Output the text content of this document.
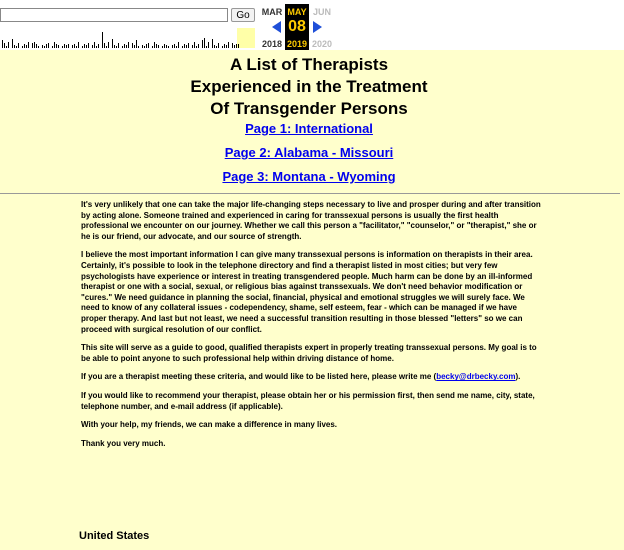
Go	MAR	JUN
2018	2020
MAY
08
2019
A List of Therapists
Experienced in the Treatment
Of Transgender Persons
Page 1: International
Page 2: Alabama - Missouri
Page 3: Montana - Wyoming

It's very unlikely that one can take the major life-changing steps necessary to live and prosper during and after transition by acting alone. Someone trained and experienced in caring for transsexual persons is usually the first health professional we encounter on our journey. Whether we call this person a "facilitator," "counselor," or "therapist," she or he is our friend, our advocate, and our source of strength.

I believe the most important information I can give many transsexual persons is information on therapists in their area. Certainly, it's possible to look in the telephone directory and find a therapist listed in most cities; but very few psychologists have experience or interest in treating transgendered people. Much harm can be done by an ill-informed therapist or one with a social, sexual, or religious bias against transsexuals. We don't need behavior modification or "cures." We need guidance in planning the social, financial, physical and emotional struggles we will surely face. We need to know of any collateral issues - codependency, shame, self esteem, fear - which can be managed if we have proper therapy. And last but not least, we need a successful transition resulting in those blessed "letters" so we can proceed with surgical resolution of our conflict.

This site will serve as a guide to good, qualified therapists expert in properly treating transsexual persons. My goal is to be able to point anyone to such professional help within driving distance of home.

If you are a therapist meeting these criteria, and would like to be listed here, please write me (becky@drbecky.com).

If you would like to recommend your therapist, please obtain her or his permission first, then send me name, city, state, telephone number, and e-mail address (if applicable).

With your help, my friends, we can make a difference in many lives.

Thank you very much.

United States
